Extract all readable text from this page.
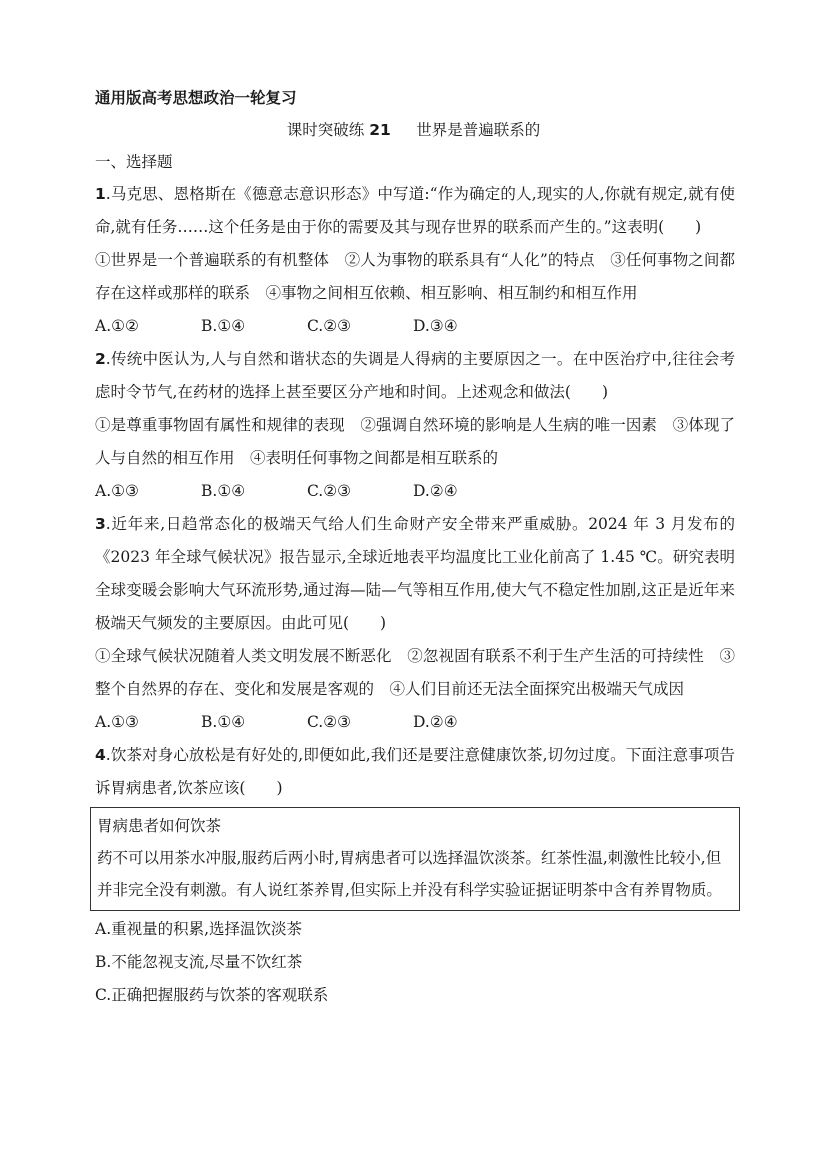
通用版高考思想政治一轮复习
课时突破练 21 　 世界是普遍联系的
一、选择题

1.马克思、恩格斯在《德意志意识形态》中写道:“作为确定的人,现实的人,你就有规定,就有使命,就有任务……这个任务是由于你的需要及其与现存世界的联系而产生的。”这表明(　　)

①世界是一个普遍联系的有机整体　②人为事物的联系具有“人化”的特点　③任何事物之间都存在这样或那样的联系　④事物之间相互依赖、相互影响、相互制约和相互作用

A.①②	B.①④	C.②③	D.③④

2.传统中医认为,人与自然和谐状态的失调是人得病的主要原因之一。在中医治疗中,往往会考虑时令节气,在药材的选择上甚至要区分产地和时间。上述观念和做法(　　)

①是尊重事物固有属性和规律的表现　②强调自然环境的影响是人生病的唯一因素　③体现了人与自然的相互作用　④表明任何事物之间都是相互联系的

A.①③	B.①④	C.②③	D.②④

3.近年来,日趋常态化的极端天气给人们生命财产安全带来严重威胁。2024 年 3 月发布的《2023 年全球气候状况》报告显示,全球近地表平均温度比工业化前高了 1.45 ℃。研究表明全球变暖会影响大气环流形势,通过海—陆—气等相互作用,使大气不稳定性加剧,这正是近年来极端天气频发的主要原因。由此可见(　　)

①全球气候状况随着人类文明发展不断恶化　②忽视固有联系不利于生产生活的可持续性　③整个自然界的存在、变化和发展是客观的　④人们目前还无法全面探究出极端天气成因

A.①③	B.①④	C.②③	D.②④

4.饮茶对身心放松是有好处的,即便如此,我们还是要注意健康饮茶,切勿过度。下面注意事项告诉胃病患者,饮茶应该(　　)

胃病患者如何饮茶

药不可以用茶水冲服,服药后两小时,胃病患者可以选择温饮淡茶。红茶性温,刺激性比较小,但并非完全没有刺激。有人说红茶养胃,但实际上并没有科学实验证据证明茶中含有养胃物质。

A.重视量的积累,选择温饮淡茶

B.不能忽视支流,尽量不饮红茶

C.正确把握服药与饮茶的客观联系
